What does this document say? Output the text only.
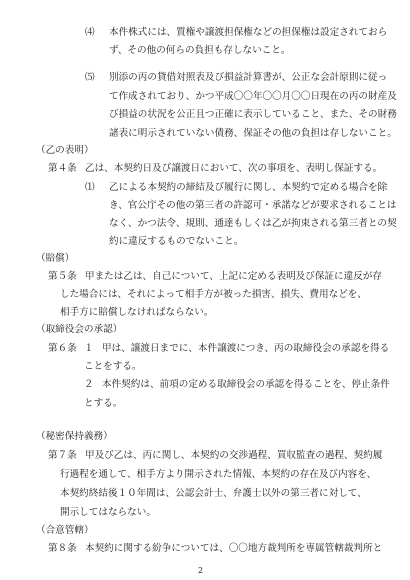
⑷ 本件株式には、質権や譲渡担保権などの担保権は設定されておら
ず、その他の何らの負担も存しないこと。
⑸ 別添の丙の貸借対照表及び損益計算書が、公正な会計原則に従っ
て作成されており、かつ平成〇〇年〇〇月〇〇日現在の丙の財産及
び損益の状況を公正且つ正確に表示していること、また、その財務
諸表に明示されていない債務、保証その他の負担は存しないこと。
（乙の表明）
第４条 乙は、本契約日及び譲渡日において、次の事項を、表明し保証する。
⑴ 乙による本契約の締結及び履行に関し、本契約で定める場合を除
き、官公庁その他の第三者の許認可・承諾などが要求されることは
なく、かつ法令、規則、通達もしくは乙が拘束される第三者との契
約に違反するものでないこと。
（賠償）
第５条 甲または乙は、自己について、上記に定める表明及び保証に違反が存
した場合には、それによって相手方が被った損害、損失、費用などを、
相手方に賠償しなければならない。
（取締役会の承認）
第６条 １ 甲は、譲渡日までに、本件譲渡につき、丙の取締役会の承認を得る
ことをする。
２ 本件契約は、前項の定める取締役会の承認を得ることを、停止条件
とする。
2
（秘密保持義務）
第７条 甲及び乙は、丙に関し、本契約の交渉過程、買収監査の過程、契約履
行過程を通して、相手方より開示された情報、本契約の存在及び内容を、
本契約終結後１０年間は、公認会計士、弁護士以外の第三者に対して、
開示してはならない。
（合意管轄）
第８条 本契約に関する紛争については、〇〇地方裁判所を専属管轄裁判所と
